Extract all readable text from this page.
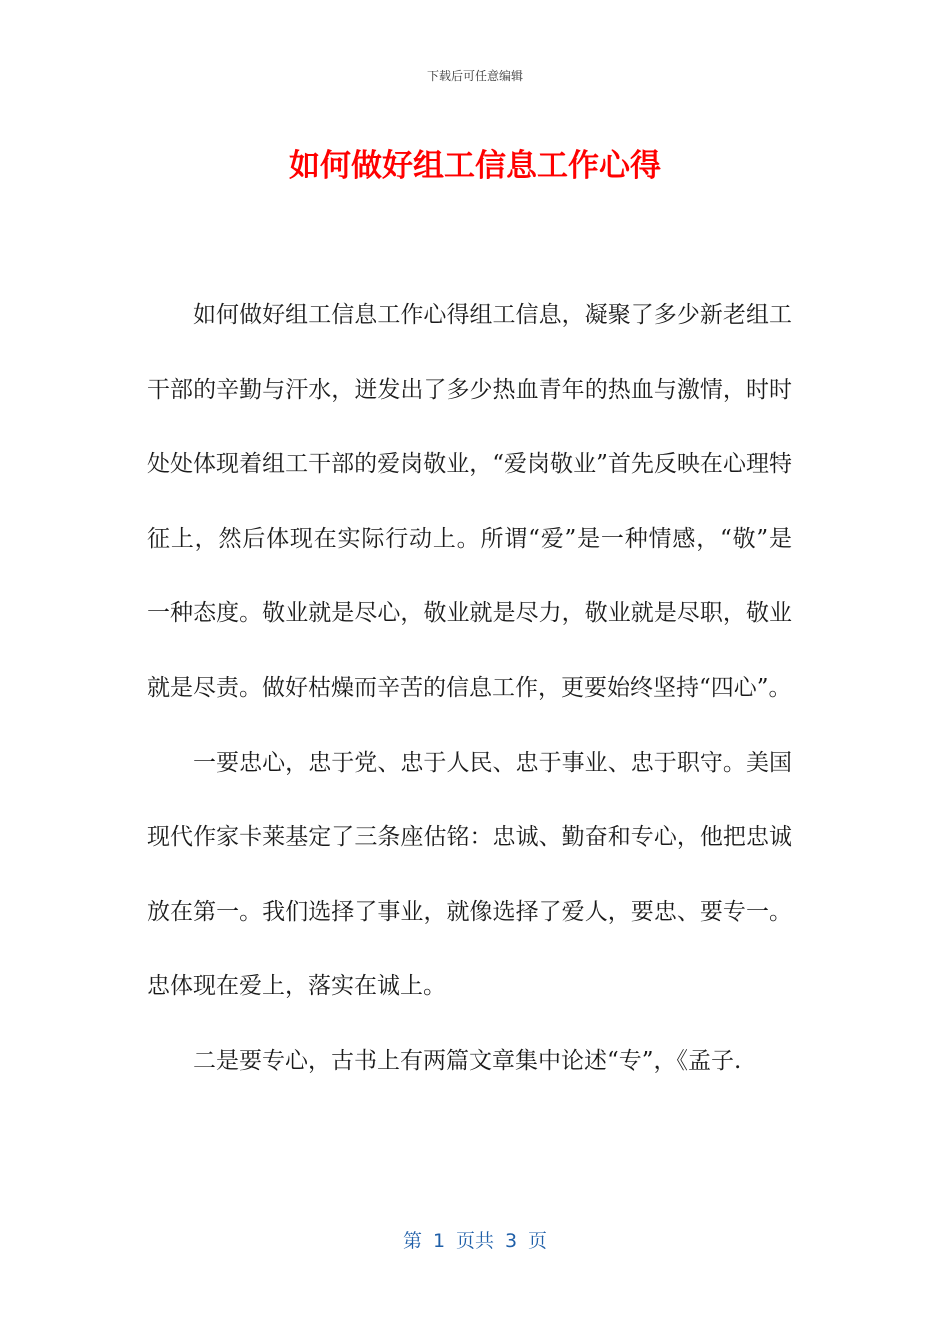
下载后可任意编辑
如何做好组工信息工作心得

如何做好组工信息工作心得组工信息，凝聚了多少新老组工干部的辛勤与汗水，迸发出了多少热血青年的热血与激情，时时处处体现着组工干部的爱岗敬业，“爱岗敬业”首先反映在心理特征上，然后体现在实际行动上。所谓“爱”是一种情感，“敬”是一种态度。敬业就是尽心，敬业就是尽力，敬业就是尽职，敬业就是尽责。做好枯燥而辛苦的信息工作，更要始终坚持“四心”。

一要忠心，忠于党、忠于人民、忠于事业、忠于职守。美国现代作家卡莱基定了三条座估铭：忠诚、勤奋和专心，他把忠诚放在第一。我们选择了事业，就像选择了爱人，要忠、要专一。忠体现在爱上，落实在诚上。

二是要专心，古书上有两篇文章集中论述“专”，《孟子.

第 1 页共 3 页
